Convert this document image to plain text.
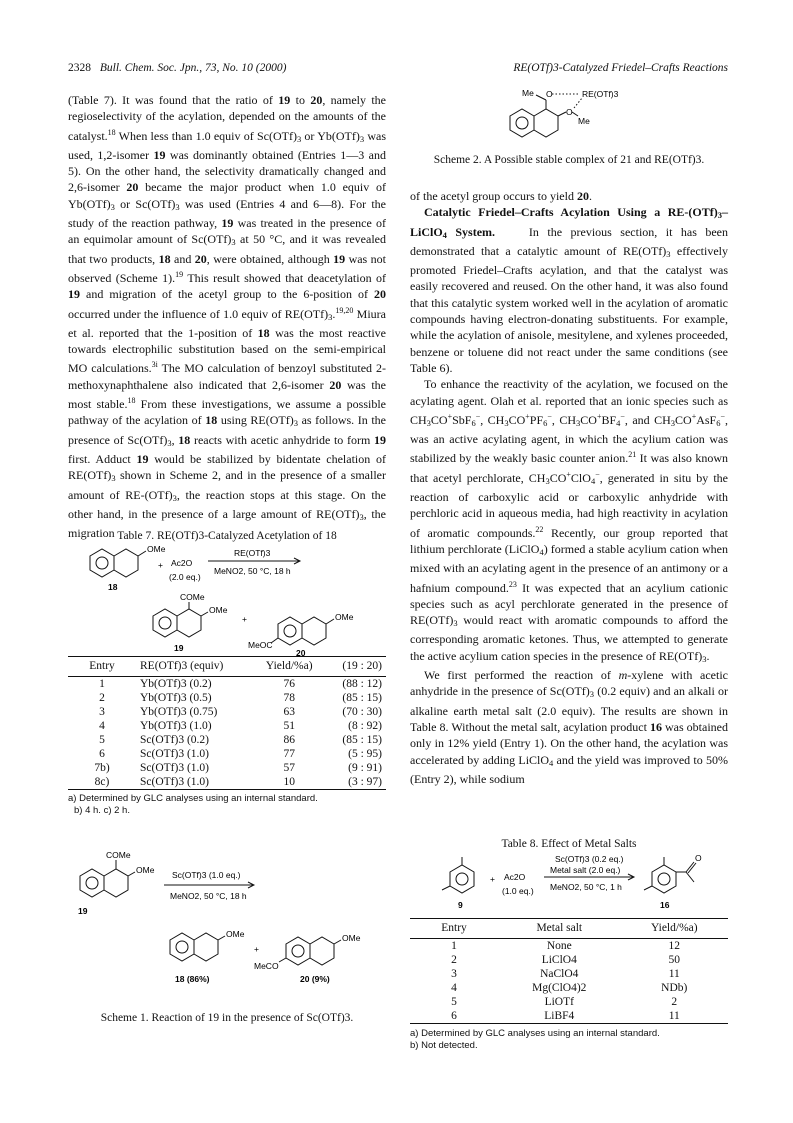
2328 Bull. Chem. Soc. Jpn., 73, No. 10 (2000)	RE(OTf)3-Catalyzed Friedel–Crafts Reactions

(Table 7). It was found that the ratio of 19 to 20, namely the regioselectivity of the acylation, depended on the amounts of the catalyst.$^{18}$ When less than 1.0 equiv of $Sc(OTf)_3$ or $Yb(OTf)_3$ was used, 1,2-isomer 19 was dominantly obtained (Entries 1—3 and 5). On the other hand, the selectivity dramatically changed and 2,6-isomer 20 became the major product when 1.0 equiv of $Yb(OTf)_3$ or $Sc(OTf)_3$ was used (Entries 4 and 6—8). For the study of the reaction pathway, 19 was treated in the presence of an equimolar amount of $Sc(OTf)_3$ at 50 °C, and it was revealed that two products, 18 and 20, were obtained, although 19 was not observed (Scheme 1).$^{19}$ This result showed that deacetylation of 19 and migration of the acetyl group to the 6-position of 20 occurred under the influence of 1.0 equiv of $RE(OTf)_3.^{19,20}$ Miura et al. reported that the 1-position of 18 was the most reactive towards electrophilic substitution based on the semi-empirical MO calculations.$^{3i}$ The MO calculation of benzoyl substituted 2-methoxynaphthalene also indicated that 2,6-isomer 20 was the most stable.$^{18}$ From these investigations, we assume a possible pathway of the acylation of 18 using $RE(OTf)_3$ as follows. In the presence of $Sc(OTf)_3$, 18 reacts with acetic anhydride to form 19 first. Adduct 19 would be stabilized by bidentate chelation of $RE(OTf)_3$ shown in Scheme 2, and in the presence of a smaller amount of $RE-(OTf)_3$, the reaction stops at this stage. On the other hand, in the presence of a large amount of $RE(OTf)_3$, the migration Table 7. RE(OTf)3-Catalyzed Acetylation of 18
OMe
18
+ Ac2O
(2.0 eq.)
RE(OTf)3
MeNO2, 50 °C, 18 h
COMe
OMe
19
+	OMe
MeOC
20
Entry	RE(OTf)3 (equiv)	Yield/%a)	(19 : 20)
1	Yb(OTf)3 (0.2)	76	(88 : 12)
2	Yb(OTf)3 (0.5)	78	(85 : 15)
3	Yb(OTf)3 (0.75)	63	(70 : 30)
4	Yb(OTf)3 (1.0)	51	(8 : 92)
5	Sc(OTf)3 (0.2)	86	(85 : 15)
6	Sc(OTf)3 (1.0)	77	(5 : 95)
7b)	Sc(OTf)3 (1.0)	57	(9 : 91)
8c)	Sc(OTf)3 (1.0)	10	(3 : 97)
a) Determined by GLC analyses using an internal standard.
b) 4 h. c) 2 h.
COMe
OMe
19
Sc(OTf)3 (1.0 eq.)
MeNO2, 50 °C, 18 h
OMe
18 (86%)
+
OMe
MeCO
20 (9%)
Scheme 1. Reaction of 19 in the presence of Sc(OTf)3.
Me O	RE(OTf)3
O
Me
Scheme 2. A Possible stable complex of 21 and RE(OTf)3.

of the acetyl group occurs to yield 20.

Catalytic Friedel–Crafts Acylation Using a $RE-(OTf)_3-LiClO_4$ System.    In the previous section, it has been demonstrated that a catalytic amount of $RE(OTf)_3$ effectively promoted Friedel–Crafts acylation, and that the catalyst was easily recovered and reused. On the other hand, it was also found that this catalytic system worked well in the acylation of aromatic compounds having electron-donating substituents. For example, while the acylation of anisole, mesitylene, and xylenes proceeded, benzene or toluene did not react under the same conditions (see Table 6).

To enhance the reactivity of the acylation, we focused on the acylating agent. Olah et al. reported that an ionic species such as $CH_3CO^+SbF_6^-$, $CH_3CO^+PF_6^-$, $CH_3CO^+BF_4^-$, and $CH_3CO^+AsF_6^-$, was an active acylating agent, in which the acylium cation was stabilized by the weakly basic counter anion.$^{21}$ It was also known that acetyl perchlorate, $CH_3CO^+ClO_4^-$, generated in situ by the reaction of carboxylic acid or carboxylic anhydride with perchloric acid in aqueous media, had high reactivity in acylation of aromatic compounds.$^{22}$ Recently, our group reported that lithium perchlorate (LiClO$_4$) formed a stable acylium cation when mixed with an acylating agent in the presence of an antimony or a hafnium compound.$^{23}$ It was expected that an acylium cationic species such as acyl perchlorate generated in the presence of $RE(OTf)_3$ would react with aromatic compounds to afford the corresponding aromatic ketones. Thus, we attempted to generate the active acylium cation species in the presence of $RE(OTf)_3$.

We first performed the reaction of m-xylene with acetic anhydride in the presence of $Sc(OTf)_3$ (0.2 equiv) and an alkali or alkaline earth metal salt (2.0 equiv). The results are shown in Table 8. Without the metal salt, acylation product 16 was obtained only in 12% yield (Entry 1). On the other hand, the acylation was accelerated by adding LiClO$_4$ and the yield was improved to 50% (Entry 2), while sodium

Table 8. Effect of Metal Salts
9
+ Ac2O
(1.0 eq.)
Sc(OTf)3 (0.2 eq.)
Metal salt (2.0 eq.)
MeNO2, 50 °C, 1 h
O
16
Entry	Metal salt	Yield/%a)
1	None	12
2	LiClO4	50
3	NaClO4	11
4	Mg(ClO4)2	NDb)
5	LiOTf	2
6	LiBF4	11
a) Determined by GLC analyses using an internal standard.
b) Not detected.
